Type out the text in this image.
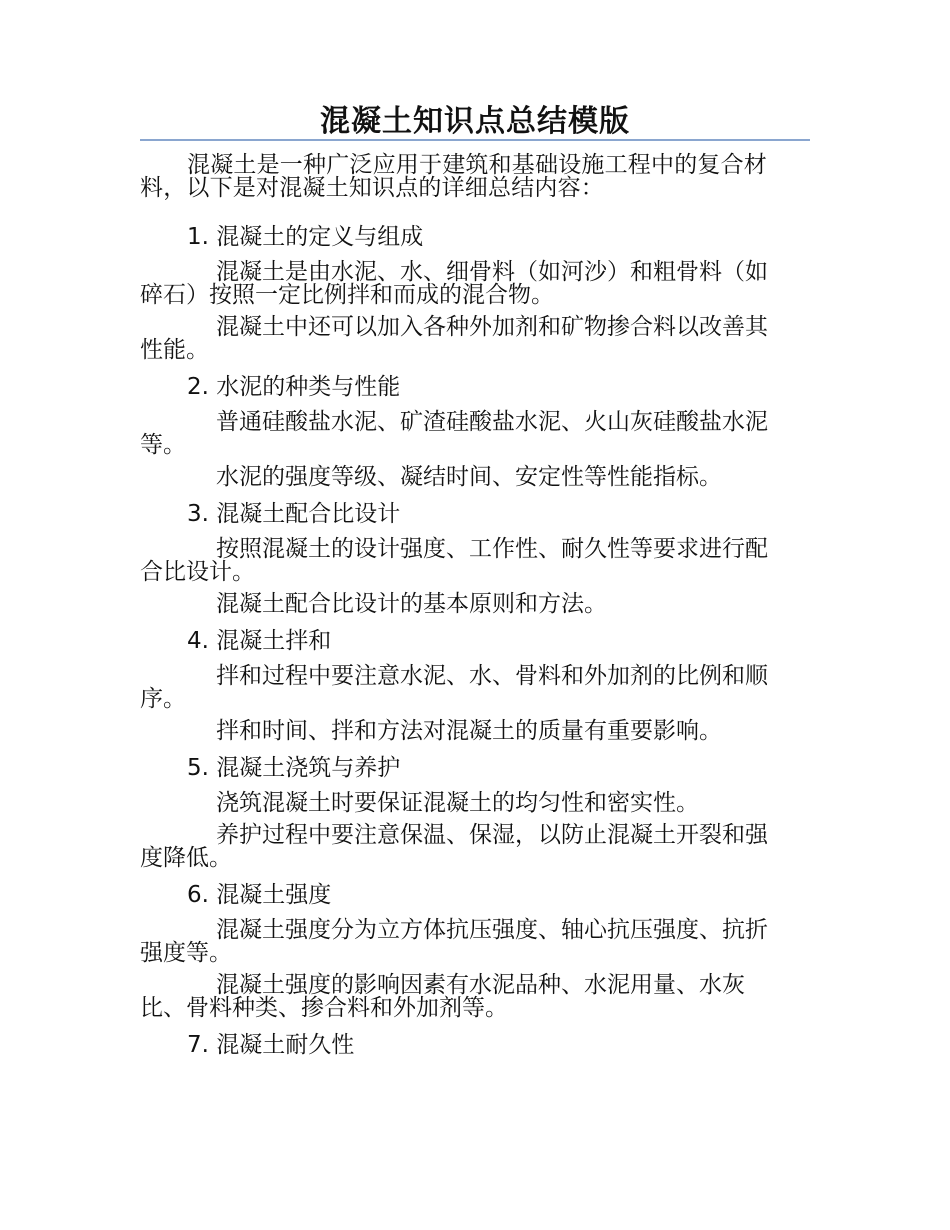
混凝土知识点总结模版

混凝土是一种广泛应用于建筑和基础设施工程中的复合材料，以下是对混凝土知识点的详细总结内容：

1. 混凝土的定义与组成

混凝土是由水泥、水、细骨料（如河沙）和粗骨料（如碎石）按照一定比例拌和而成的混合物。

混凝土中还可以加入各种外加剂和矿物掺合料以改善其性能。

2. 水泥的种类与性能

普通硅酸盐水泥、矿渣硅酸盐水泥、火山灰硅酸盐水泥等。

水泥的强度等级、凝结时间、安定性等性能指标。

3. 混凝土配合比设计

按照混凝土的设计强度、工作性、耐久性等要求进行配合比设计。

混凝土配合比设计的基本原则和方法。

4. 混凝土拌和

拌和过程中要注意水泥、水、骨料和外加剂的比例和顺序。

拌和时间、拌和方法对混凝土的质量有重要影响。

5. 混凝土浇筑与养护

浇筑混凝土时要保证混凝土的均匀性和密实性。

养护过程中要注意保温、保湿，以防止混凝土开裂和强度降低。

6. 混凝土强度

混凝土强度分为立方体抗压强度、轴心抗压强度、抗折强度等。

混凝土强度的影响因素有水泥品种、水泥用量、水灰比、骨料种类、掺合料和外加剂等。

7. 混凝土耐久性
